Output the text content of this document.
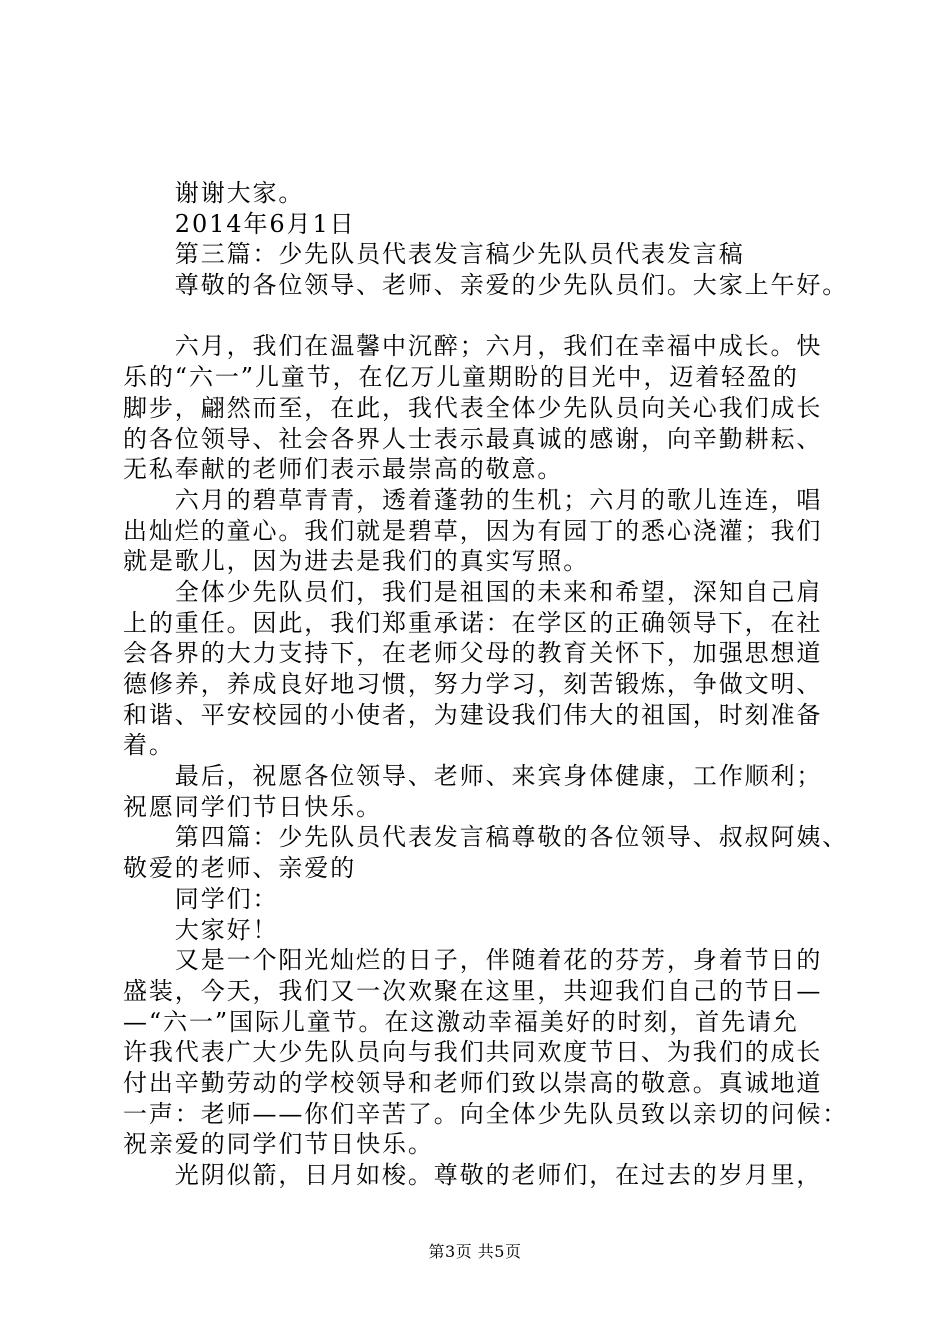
　　谢谢大家。
　　2014年6月1日
　　第三篇：少先队员代表发言稿少先队员代表发言稿
　　尊敬的各位领导、老师、亲爱的少先队员们。大家上午好。
　　六月，我们在温馨中沉醉；六月，我们在幸福中成长。快
乐的“六一”儿童节，在亿万儿童期盼的目光中，迈着轻盈的
脚步，翩然而至，在此，我代表全体少先队员向关心我们成长
的各位领导、社会各界人士表示最真诚的感谢，向辛勤耕耘、
无私奉献的老师们表示最崇高的敬意。
　　六月的碧草青青，透着蓬勃的生机；六月的歌儿连连，唱
出灿烂的童心。我们就是碧草，因为有园丁的悉心浇灌；我们
就是歌儿，因为进去是我们的真实写照。
　　全体少先队员们，我们是祖国的未来和希望，深知自己肩
上的重任。因此，我们郑重承诺：在学区的正确领导下，在社
会各界的大力支持下，在老师父母的教育关怀下，加强思想道
德修养，养成良好地习惯，努力学习，刻苦锻炼，争做文明、
和谐、平安校园的小使者，为建设我们伟大的祖国，时刻准备
着。
　　最后，祝愿各位领导、老师、来宾身体健康，工作顺利；
祝愿同学们节日快乐。
　　第四篇：少先队员代表发言稿尊敬的各位领导、叔叔阿姨、
敬爱的老师、亲爱的
　　同学们：
　　大家好！
　　又是一个阳光灿烂的日子，伴随着花的芬芳，身着节日的
盛装，今天，我们又一次欢聚在这里，共迎我们自己的节日—
—“六一”国际儿童节。在这激动幸福美好的时刻，首先请允
许我代表广大少先队员向与我们共同欢度节日、为我们的成长
付出辛勤劳动的学校领导和老师们致以崇高的敬意。真诚地道
一声：老师——你们辛苦了。向全体少先队员致以亲切的问候：
祝亲爱的同学们节日快乐。
　　光阴似箭，日月如梭。尊敬的老师们，在过去的岁月里，
第3页 共5页
